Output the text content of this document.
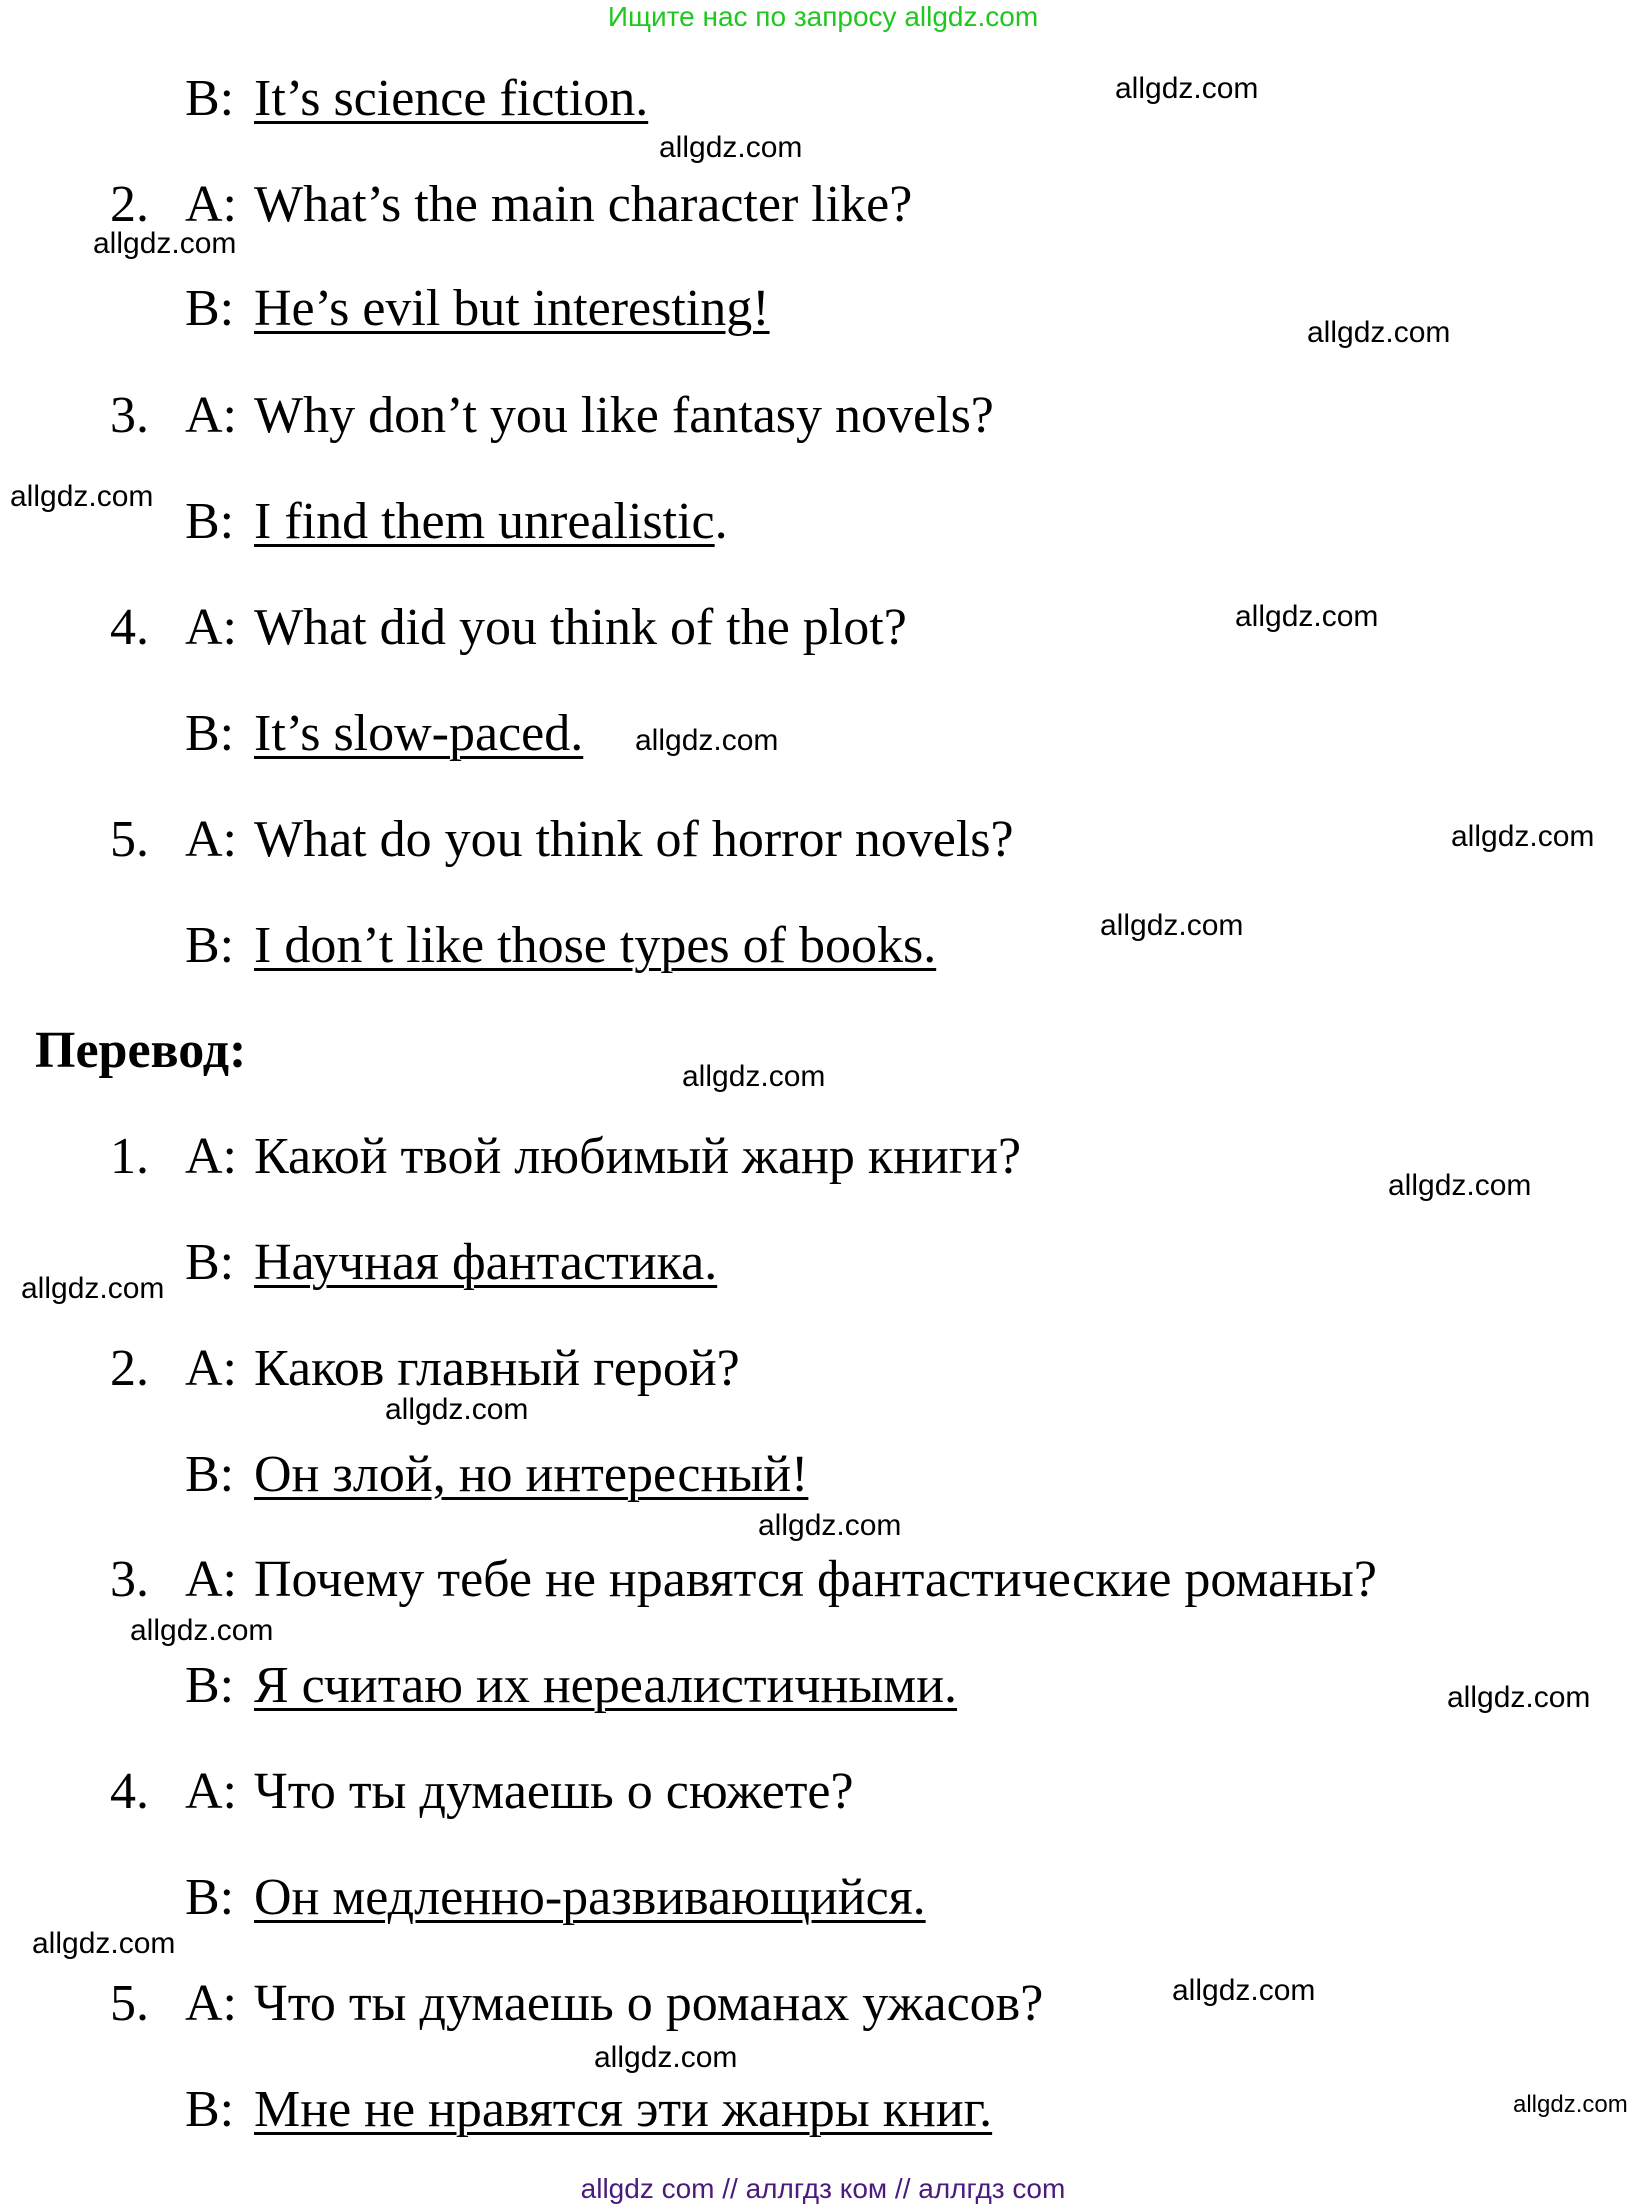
Ищите нас по запросу allgdz.com
B: It’s science fiction.
2. A: What’s the main character like?
B: He’s evil but interesting!
3. A: Why don’t you like fantasy novels?
B: I find them unrealistic.
4. A: What did you think of the plot?
B: It’s slow-paced.
5. A: What do you think of horror novels?
B: I don’t like those types of books.
1. A: Какой твой любимый жанр книги?
B: Научная фантастика.
2. A: Каков главный герой?
B: Он злой, но интересный!
3. A: Почему тебе не нравятся фантастические романы?
B: Я считаю их нереалистичными.
4. A: Что ты думаешь о сюжете?
B: Он медленно-развивающийся.
5. A: Что ты думаешь о романах ужасов?
B: Мне не нравятся эти жанры книг.
Перевод:
allgdz.com
allgdz.com
allgdz.com
allgdz.com
allgdz.com
allgdz.com
allgdz.com
allgdz.com
allgdz.com
allgdz.com
allgdz.com
allgdz.com
allgdz.com
allgdz.com
allgdz.com
allgdz.com
allgdz.com
allgdz.com
allgdz.com
allgdz.com
allgdz com // аллгдз ком // аллгдз com
